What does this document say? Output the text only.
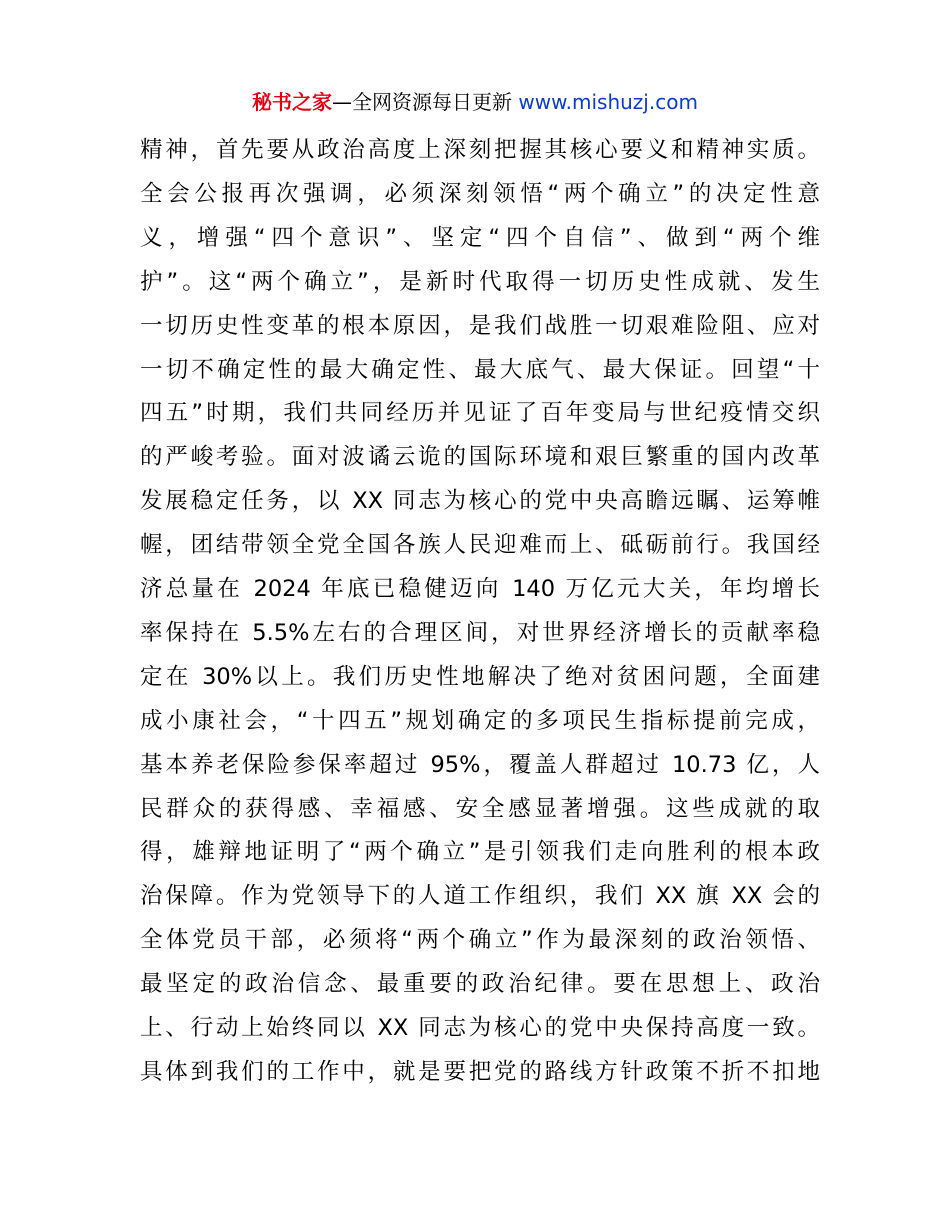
秘书之家—全网资源每日更新 www.mishuzj.com
精神，首先要从政治高度上深刻把握其核心要义和精神实质。
全会公报再次强调，必须深刻领悟“两个确立”的决定性意
义，增强“四个意识”、坚定“四个自信”、做到“两个维
护”。这“两个确立”，是新时代取得一切历史性成就、发生
一切历史性变革的根本原因，是我们战胜一切艰难险阻、应对
一切不确定性的最大确定性、最大底气、最大保证。回望“十
四五”时期，我们共同经历并见证了百年变局与世纪疫情交织
的严峻考验。面对波谲云诡的国际环境和艰巨繁重的国内改革
发展稳定任务，以 XX 同志为核心的党中央高瞻远瞩、运筹帷
幄，团结带领全党全国各族人民迎难而上、砥砺前行。我国经
济总量在 2024 年底已稳健迈向 140 万亿元大关，年均增长
率保持在 5.5%左右的合理区间，对世界经济增长的贡献率稳
定在 30%以上。我们历史性地解决了绝对贫困问题，全面建
成小康社会，“十四五”规划确定的多项民生指标提前完成，
基本养老保险参保率超过 95%，覆盖人群超过 10.73 亿，人
民群众的获得感、幸福感、安全感显著增强。这些成就的取
得，雄辩地证明了“两个确立”是引领我们走向胜利的根本政
治保障。作为党领导下的人道工作组织，我们 XX 旗 XX 会的
全体党员干部，必须将“两个确立”作为最深刻的政治领悟、
最坚定的政治信念、最重要的政治纪律。要在思想上、政治
上、行动上始终同以 XX 同志为核心的党中央保持高度一致。
具体到我们的工作中，就是要把党的路线方针政策不折不扣地
